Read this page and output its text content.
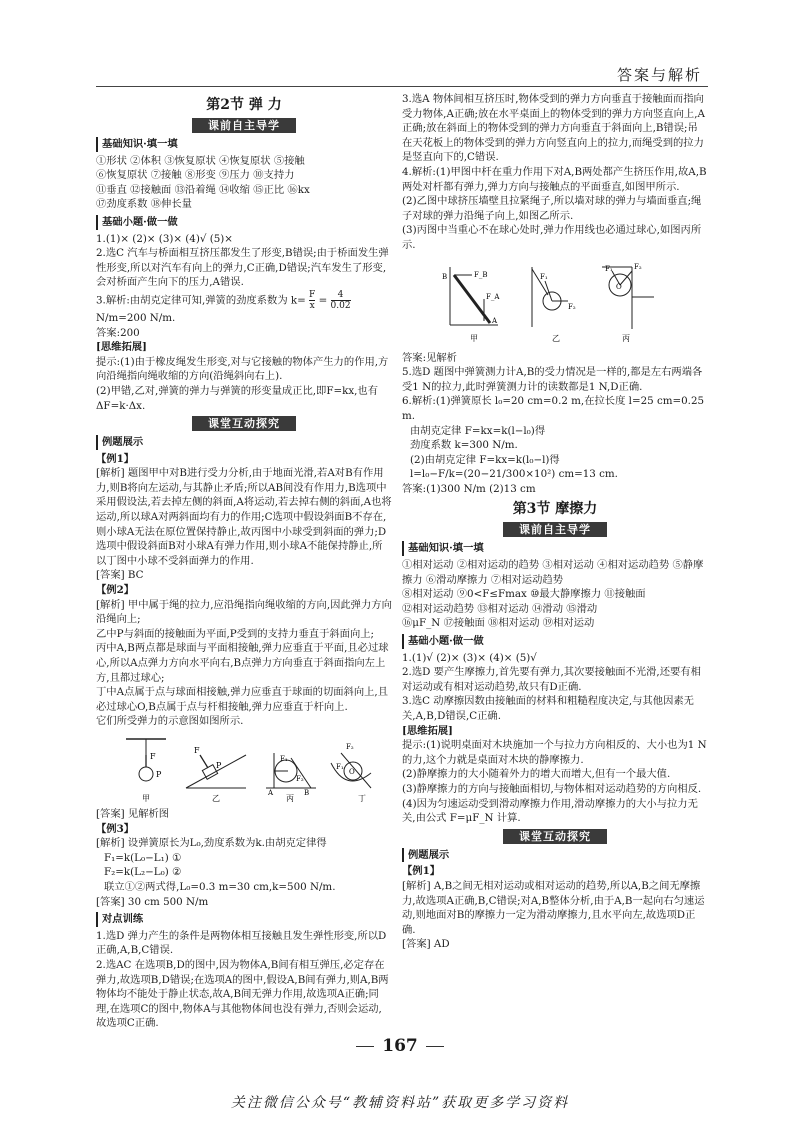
答案与解析
第2节 弹 力
课前自主导学
基础知识·填一填

①形状 ②体积 ③恢复原状 ④恢复原状 ⑤接触

⑥恢复原状 ⑦接触 ⑧形变 ⑨压力 ⑩支持力

⑪垂直 ⑫接触面 ⑬沿着绳 ⑭收缩 ⑮正比 ⑯kx

⑰劲度系数 ⑱伸长量

基础小题·做一做

1.(1)× (2)× (3)× (4)√ (5)×

2.选C 汽车与桥面相互挤压都发生了形变,B错误;由于桥面发生弹性形变,所以对汽车有向上的弹力,C正确,D错误;汽车发生了形变,会对桥面产生向下的压力,A错误.

3.解析:由胡克定律可知,弹簧的劲度系数为 $k= \frac{F}{x} = \frac{4}{0.02}$

N/m=200 N/m.

答案:200

[思维拓展]

提示:(1)由于橡皮绳发生形变,对与它接触的物体产生力的作用,方向沿绳指向绳收缩的方向(沿绳斜向右上).

(2)甲错,乙对,弹簧的弹力与弹簧的形变量成正比,即F=kx,也有ΔF=k·Δx.

课堂互动探究
例题展示

【例1】

[解析] 题图甲中对B进行受力分析,由于地面光滑,若A对B有作用力,则B将向左运动,与其静止矛盾;所以AB间没有作用力,B选项中采用假设法,若去掉左侧的斜面,A将运动,若去掉右侧的斜面,A也将运动,所以球A对两斜面均有力的作用;C选项中假设斜面B不存在,则小球A无法在原位置保持静止,故丙图中小球受到斜面的弹力;D选项中假设斜面B对小球A有弹力作用,则小球A不能保持静止,所以丁图中小球不受斜面弹力的作用.

[答案] BC

【例2】

[解析] 甲中属于绳的拉力,应沿绳指向绳收缩的方向,因此弹力方向沿绳向上;

乙中P与斜面的接触面为平面,P受到的支持力垂直于斜面向上;

丙中A,B两点都是球面与平面相接触,弹力应垂直于平面,且必过球心,所以A点弹力方向水平向右,B点弹力方向垂直于斜面指向左上方,且都过球心;

丁中A点属于点与球面相接触,弹力应垂直于球面的切面斜向上,且必过球心O,B点属于点与杆相接触,弹力应垂直于杆向上.

它们所受弹力的示意图如图所示.

F
P
甲
F
P
乙
F₁
F₂
A	B
丙
F₂
F₁
O
丁

[答案] 见解析图

【例3】

[解析] 设弹簧原长为L₀,劲度系数为k.由胡克定律得

F₁=k(L₀−L₁) ①

F₂=k(L₂−L₀) ②

联立①②两式得,L₀=0.3 m=30 cm,k=500 N/m.

[答案] 30 cm 500 N/m

对点训练

1.选D 弹力产生的条件是两物体相互接触且发生弹性形变,所以D正确,A,B,C错误.

2.选AC 在选项B,D的图中,因为物体A,B间有相互弹压,必定存在弹力,故选项B,D错误;在选项A的图中,假设A,B间有弹力,则A,B两物体均不能处于静止状态,故A,B间无弹力作用,故选项A正确;同理,在选项C的图中,物体A与其他物体间也没有弹力,否则会运动,故选项C正确.

3.选A 物体间相互挤压时,物体受到的弹力方向垂直于接触面而指向受力物体,A正确;放在水平桌面上的物体受到的弹力方向竖直向上,A正确;放在斜面上的物体受到的弹力方向垂直于斜面向上,B错误;吊在天花板上的物体受到的弹力方向竖直向上的拉力,而绳受到的拉力是竖直向下的,C错误.

4.解析:(1)甲图中杆在重力作用下对A,B两处都产生挤压作用,故A,B两处对杆都有弹力,弹力方向与接触点的平面垂直,如图甲所示.

(2)乙图中球挤压墙壁且拉紧绳子,所以墙对球的弹力与墙面垂直;绳子对球的弹力沿绳子向上,如图乙所示.

(3)丙图中当重心不在球心处时,弹力作用线也必通过球心,如图丙所示.

B	F_B
F_A
A
甲
F₁
F₂
乙
F₁	F₂
O
丙

答案:见解析

5.选D 题图中弹簧测力计A,B的受力情况是一样的,都是左右两端各受1 N的拉力,此时弹簧测力计的读数都是1 N,D正确.

6.解析:(1)弹簧原长 l₀=20 cm=0.2 m,在拉长度 l=25 cm=0.25 m.

由胡克定律 F=kx=k(l−l₀)得

劲度系数 k=300 N/m.

(2)由胡克定律 F=kx=k(l₀−l)得

l=l₀−F/k=(20−21/300×10²) cm=13 cm.

答案:(1)300 N/m (2)13 cm

第3节 摩擦力
课前自主导学
基础知识·填一填

①相对运动 ②相对运动的趋势 ③相对运动 ④相对运动趋势 ⑤静摩擦力 ⑥滑动摩擦力 ⑦相对运动趋势

⑧相对运动 ⑨0<F≤Fmax ⑩最大静摩擦力 ⑪接触面

⑫相对运动趋势 ⑬相对运动 ⑭滑动 ⑮滑动

⑯μF_N ⑰接触面 ⑱相对运动 ⑲相对运动

基础小题·做一做

1.(1)√ (2)× (3)× (4)× (5)√

2.选D 要产生摩擦力,首先要有弹力,其次要接触面不光滑,还要有相对运动或有相对运动趋势,故只有D正确.

3.选C 动摩擦因数由接触面的材料和粗糙程度决定,与其他因素无关,A,B,D错误,C正确.

[思维拓展]

提示:(1)说明桌面对木块施加一个与拉力方向相反的、大小也为1 N的力,这个力就是桌面对木块的静摩擦力.

(2)静摩擦力的大小随着外力的增大而增大,但有一个最大值.

(3)静摩擦力的方向与接触面相切,与物体相对运动趋势的方向相反.

(4)因为匀速运动受到滑动摩擦力作用,滑动摩擦力的大小与拉力无关,由公式 F=μF_N 计算.

课堂互动探究
例题展示

【例1】

[解析] A,B之间无相对运动或相对运动的趋势,所以A,B之间无摩擦力,故选项A正确,B,C错误;对A,B整体分析,由于A,B一起向右匀速运动,则地面对B的摩擦力一定为滑动摩擦力,且水平向左,故选项D正确.

[答案] AD

167
关注微信公众号“教辅资料站”获取更多学习资料
